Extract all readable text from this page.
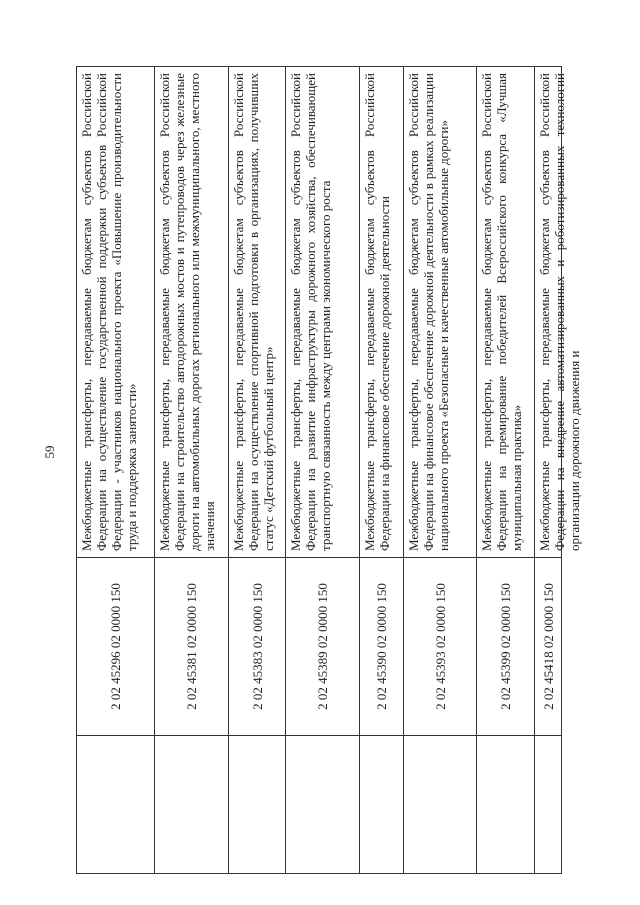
59
2 02 45296 02 0000 150
Межбюджетные трансферты, передаваемые бюджетам субъектов Российской Федерации на осуществление государственной поддержки субъектов Российской Федерации - участников национального проекта «Повышение производительности труда и поддержка занятости»
2 02 45381 02 0000 150
Межбюджетные трансферты, передаваемые бюджетам субъектов Российской Федерации на строительство автодорожных мостов и путепроводов через железные дороги на автомобильных дорогах регионального или межмуниципального, местного значения
2 02 45383 02 0000 150
Межбюджетные трансферты, передаваемые бюджетам субъектов Российской Федерации на осуществление спортивной подготовки в организациях, получивших статус «Детский футбольный центр»
2 02 45389 02 0000 150
Межбюджетные трансферты, передаваемые бюджетам субъектов Российской Федерации на развитие инфраструктуры дорожного хозяйства, обеспечивающей транспортную связанность между центрами экономического роста
2 02 45390 02 0000 150
Межбюджетные трансферты, передаваемые бюджетам субъектов Российской Федерации на финансовое обеспечение дорожной деятельности
2 02 45393 02 0000 150
Межбюджетные трансферты, передаваемые бюджетам субъектов Российской Федерации на финансовое обеспечение дорожной деятельности в рамках реализации национального проекта «Безопасные и качественные автомобильные дороги»
2 02 45399 02 0000 150
Межбюджетные трансферты, передаваемые бюджетам субъектов Российской Федерации на премирование победителей Всероссийского конкурса «Лучшая муниципальная практика»
2 02 45418 02 0000 150
Межбюджетные трансферты, передаваемые бюджетам субъектов Российской Федерации на внедрение автоматизированных и роботизированных технологий организации дорожного движения и
